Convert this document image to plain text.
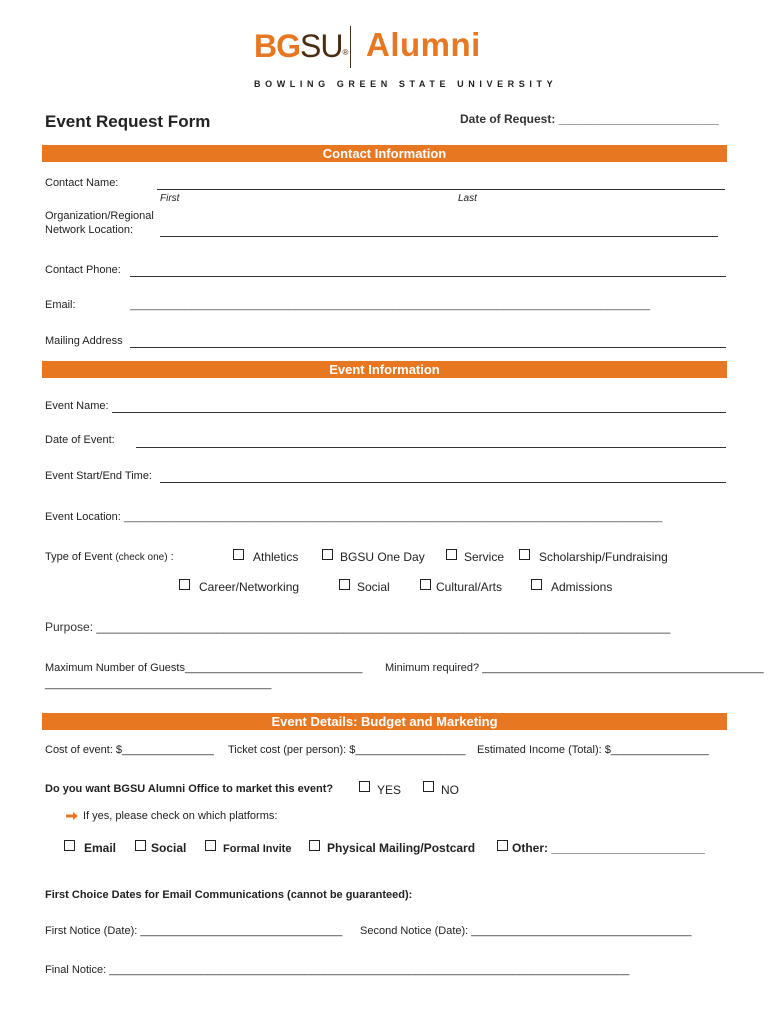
BGSU® Alumni
BOWLING GREEN STATE UNIVERSITY
Event Request Form	Date of Request: ________________________
Contact Information
Contact Name:
First	Last
Organization/Regional
Network Location:
Contact Phone:
Email:	_____________________________________________________________________________________
Mailing Address
Event Information
Event Name:
Date of Event:
Event Start/End Time:
Event Location: ________________________________________________________________________________________
Type of Event (check one) :	Athletics	BGSU One Day	Service	Scholarship/Fundraising
Career/Networking	Social	Cultural/Arts	Admissions
Purpose: ______________________________________________________________________________________
Maximum Number of Guests_____________________________ Minimum required? ______________________________________________
_____________________________________
Event Details: Budget and Marketing
Cost of event: $_______________ Ticket cost (per person): $__________________ Estimated Income (Total): $________________
Do you want BGSU Alumni Office to market this event?	YES	NO
If yes, please check on which platforms:
Email	Social	Formal Invite	Physical Mailing/Postcard	Other: _______________________
First Choice Dates for Email Communications (cannot be guaranteed):
First Notice (Date): _________________________________ Second Notice (Date): ____________________________________
Final Notice: _____________________________________________________________________________________
